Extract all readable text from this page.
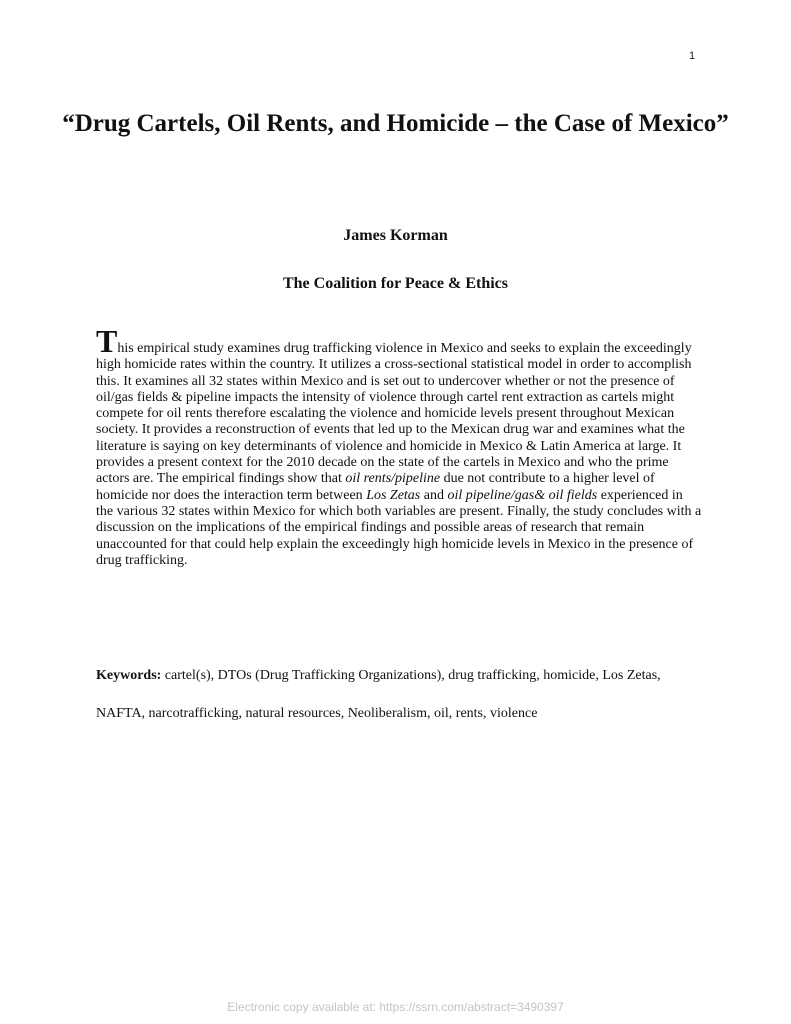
1
“Drug Cartels, Oil Rents, and Homicide – the Case of Mexico”
James Korman
The Coalition for Peace & Ethics

This empirical study examines drug trafficking violence in Mexico and seeks to explain the exceedingly high homicide rates within the country. It utilizes a cross-sectional statistical model in order to accomplish this. It examines all 32 states within Mexico and is set out to undercover whether or not the presence of oil/gas fields & pipeline impacts the intensity of violence through cartel rent extraction as cartels might compete for oil rents therefore escalating the violence and homicide levels present throughout Mexican society. It provides a reconstruction of events that led up to the Mexican drug war and examines what the literature is saying on key determinants of violence and homicide in Mexico & Latin America at large. It provides a present context for the 2010 decade on the state of the cartels in Mexico and who the prime actors are. The empirical findings show that oil rents/pipeline due not contribute to a higher level of homicide nor does the interaction term between Los Zetas and oil pipeline/gas& oil fields experienced in the various 32 states within Mexico for which both variables are present. Finally, the study concludes with a discussion on the implications of the empirical findings and possible areas of research that remain unaccounted for that could help explain the exceedingly high homicide levels in Mexico in the presence of drug trafficking.

Keywords: cartel(s), DTOs (Drug Trafficking Organizations), drug trafficking, homicide, Los Zetas, NAFTA, narcotrafficking, natural resources, Neoliberalism, oil, rents, violence

Electronic copy available at: https://ssrn.com/abstract=3490397
